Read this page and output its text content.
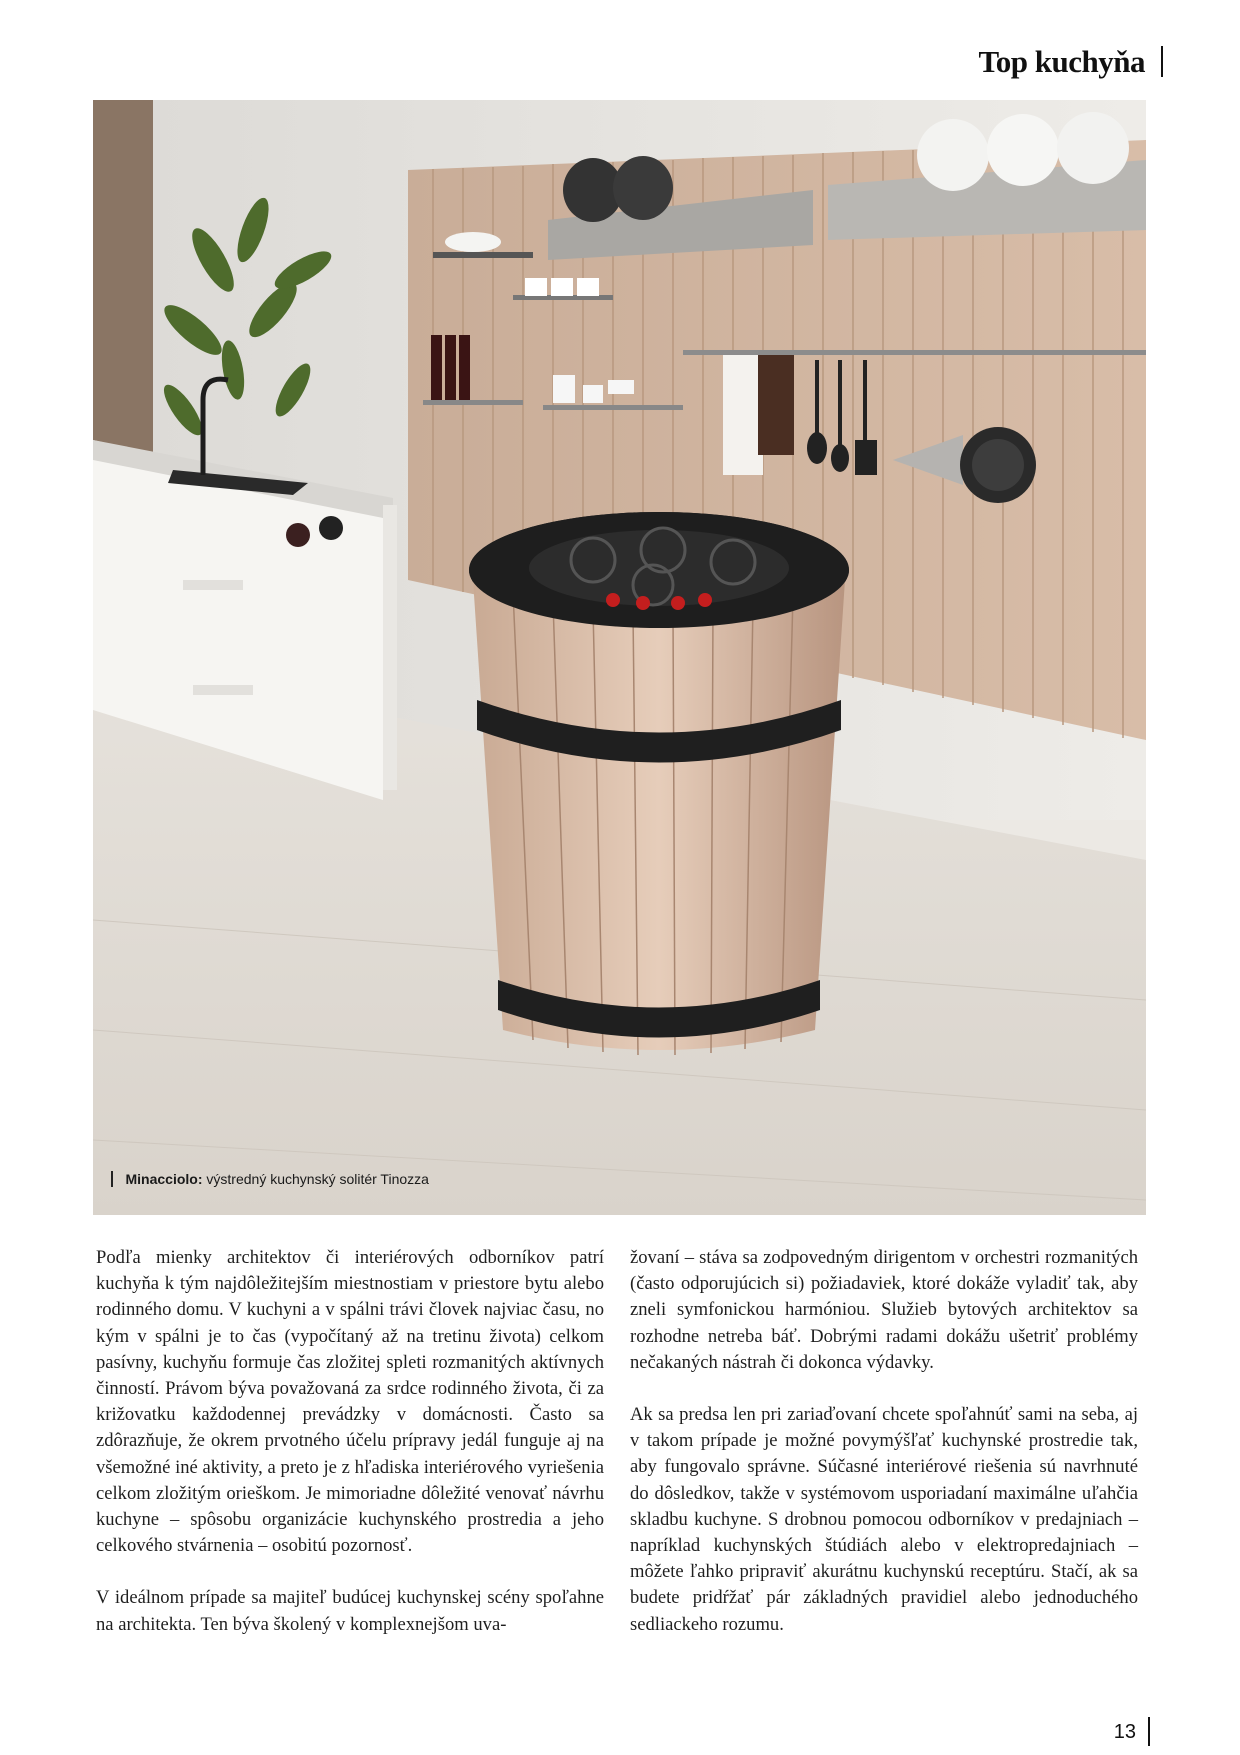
Top kuchyňa
Minacciolo: výstredný kuchynský solitér Tinozza

Podľa mienky architektov či interiérových odborníkov patrí kuchyňa k tým najdôležitejším miestnostiam v priestore bytu alebo rodinného domu. V kuchyni a v spálni trávi človek najviac času, no kým v spálni je to čas (vypočítaný až na tretinu života) celkom pasívny, kuchyňu formuje čas zložitej spleti rozmanitých aktívnych činností. Právom býva považovaná za srdce rodinného života, či za križovatku každodennej prevádzky v domácnosti. Často sa zdôrazňuje, že okrem prvotného účelu prípravy jedál funguje aj na všemožné iné aktivity, a preto je z hľadiska interiérového vyriešenia celkom zložitým orieškom. Je mimoriadne dôležité venovať návrhu kuchyne – spôsobu organizácie kuchynského prostredia a jeho celkového stvárnenia – osobitú pozornosť.

V ideálnom prípade sa majiteľ budúcej kuchynskej scény spoľahne na architekta. Ten býva školený v komplexnejšom uva-

žovaní – stáva sa zodpovedným dirigentom v orchestri rozmanitých (často odporujúcich si) požiadaviek, ktoré dokáže vyladiť tak, aby zneli symfonickou harmóniou. Služieb bytových architektov sa rozhodne netreba báť. Dobrými radami dokážu ušetriť problémy nečakaných nástrah či dokonca výdavky.

Ak sa predsa len pri zariaďovaní chcete spoľahnúť sami na seba, aj v takom prípade je možné povymýšľať kuchynské prostredie tak, aby fungovalo správne. Súčasné interiérové riešenia sú navrhnuté do dôsledkov, takže v systémovom usporiadaní maximálne uľahčia skladbu kuchyne. S drobnou pomocou odborníkov v predajniach – napríklad kuchynských štúdiách alebo v elektropredajniach – môžete ľahko pripraviť akurátnu kuchynskú receptúru. Stačí, ak sa budete pridŕžať pár základných pravidiel alebo jednoduchého sedliackeho rozumu.

13
